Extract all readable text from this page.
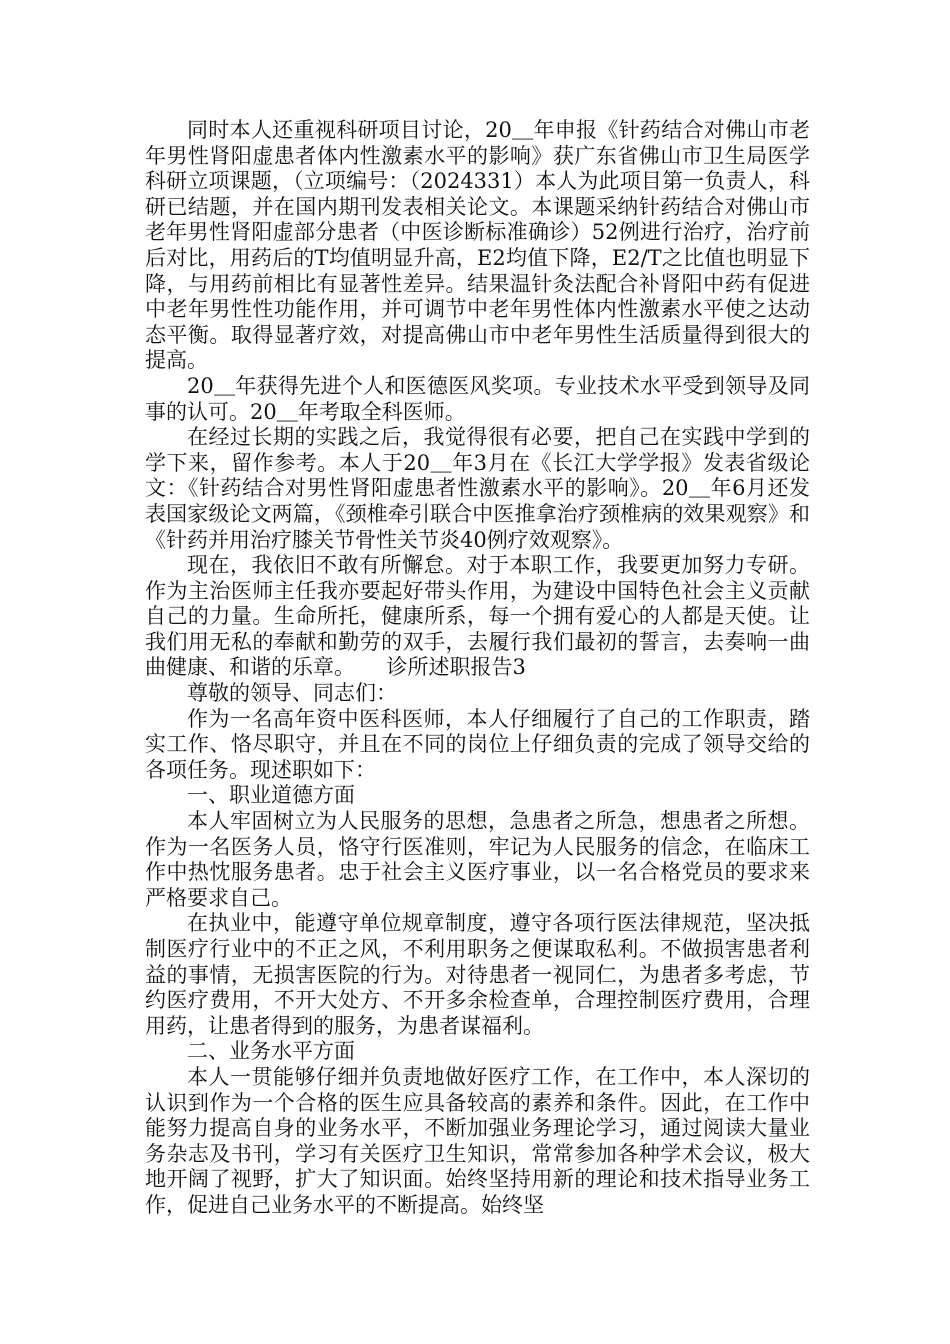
同时本人还重视科研项目讨论，20＿年申报《针药结合对佛山市老年男性肾阳虚患者体内性激素水平的影响》获广东省佛山市卫生局医学科研立项课题，（立项编号：（2024331）本人为此项目第一负责人，科研已结题，并在国内期刊发表相关论文。本课题采纳针药结合对佛山市老年男性肾阳虚部分患者（中医诊断标准确诊）52例进行治疗，治疗前后对比，用药后的T均值明显升高，E2均值下降，E2/T之比值也明显下降，与用药前相比有显著性差异。结果温针灸法配合补肾阳中药有促进中老年男性性功能作用，并可调节中老年男性体内性激素水平使之达动态平衡。取得显著疗效，对提高佛山市中老年男性生活质量得到很大的提高。

20＿年获得先进个人和医德医风奖项。专业技术水平受到领导及同事的认可。20＿年考取全科医师。

在经过长期的实践之后，我觉得很有必要，把自己在实践中学到的学下来，留作参考。本人于20＿年3月在《长江大学学报》发表省级论文：《针药结合对男性肾阳虚患者性激素水平的影响》。20＿年6月还发表国家级论文两篇，《颈椎牵引联合中医推拿治疗颈椎病的效果观察》和《针药并用治疗膝关节骨性关节炎40例疗效观察》。

现在，我依旧不敢有所懈怠。对于本职工作，我要更加努力专研。作为主治医师主任我亦要起好带头作用，为建设中国特色社会主义贡献自己的力量。生命所托，健康所系，每一个拥有爱心的人都是天使。让我们用无私的奉献和勤劳的双手，去履行我们最初的誓言，去奏响一曲曲健康、和谐的乐章。　　诊所述职报告3

尊敬的领导、同志们：

作为一名高年资中医科医师，本人仔细履行了自己的工作职责，踏实工作、恪尽职守，并且在不同的岗位上仔细负责的完成了领导交给的各项任务。现述职如下：

一、职业道德方面

本人牢固树立为人民服务的思想，急患者之所急，想患者之所想。作为一名医务人员，恪守行医准则，牢记为人民服务的信念，在临床工作中热忱服务患者。忠于社会主义医疗事业，以一名合格党员的要求来严格要求自己。

在执业中，能遵守单位规章制度，遵守各项行医法律规范，坚决抵制医疗行业中的不正之风，不利用职务之便谋取私利。不做损害患者利益的事情，无损害医院的行为。对待患者一视同仁，为患者多考虑，节约医疗费用，不开大处方、不开多余检查单，合理控制医疗费用，合理用药，让患者得到的服务，为患者谋福利。

二、业务水平方面

本人一贯能够仔细并负责地做好医疗工作，在工作中，本人深切的认识到作为一个合格的医生应具备较高的素养和条件。因此，在工作中能努力提高自身的业务水平，不断加强业务理论学习，通过阅读大量业务杂志及书刊，学习有关医疗卫生知识，常常参加各种学术会议，极大地开阔了视野，扩大了知识面。始终坚持用新的理论和技术指导业务工作，促进自己业务水平的不断提高。始终坚
